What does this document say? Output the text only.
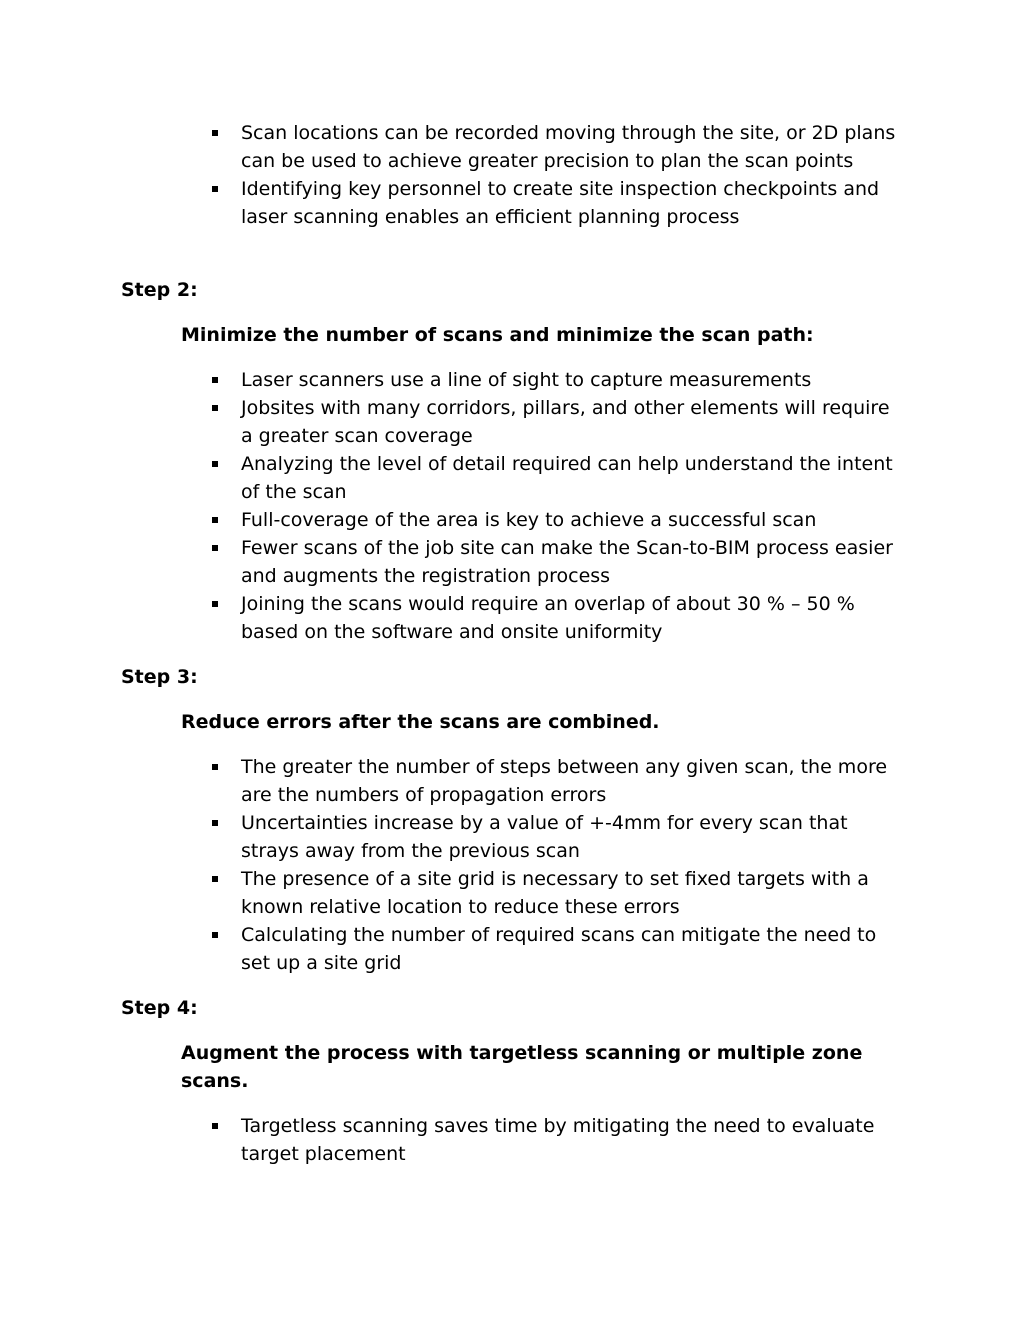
Scan locations can be recorded moving through the site, or 2D plans can be used to achieve greater precision to plan the scan points
Identifying key personnel to create site inspection checkpoints and laser scanning enables an efficient planning process
Step 2:
Minimize the number of scans and minimize the scan path:
Laser scanners use a line of sight to capture measurements
Jobsites with many corridors, pillars, and other elements will require a greater scan coverage
Analyzing the level of detail required can help understand the intent of the scan
Full-coverage of the area is key to achieve a successful scan
Fewer scans of the job site can make the Scan-to-BIM process easier and augments the registration process
Joining the scans would require an overlap of about 30 % – 50 % based on the software and onsite uniformity
Step 3:
Reduce errors after the scans are combined.
The greater the number of steps between any given scan, the more are the numbers of propagation errors
Uncertainties increase by a value of +-4mm for every scan that strays away from the previous scan
The presence of a site grid is necessary to set fixed targets with a known relative location to reduce these errors
Calculating the number of required scans can mitigate the need to set up a site grid
Step 4:
Augment the process with targetless scanning or multiple zone scans.
Targetless scanning saves time by mitigating the need to evaluate target placement
